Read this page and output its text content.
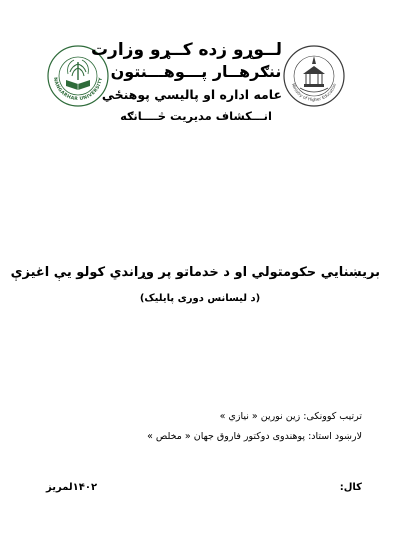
NANGARHAR UNIVERSITY
Ministry of Higher Education
لــوړو زده کــړو وزارت
ننګرهــار پـــوهـــنتون
عامه اداره او پالیسي پوهنځي
انـــکشاف مدیریت څــــانګه
بریښنایي حکومتولي او د خدماتو پر وړاندي کولو یې اغیزې
(د لیسانس دوری پایلیک)
ترتیب کوونکی: زین نورین « نیازي »
لارښود استاد: پوهندوی دوکتور فاروق جهان « مخلص »
کال:
۱۴۰۲لمریز
